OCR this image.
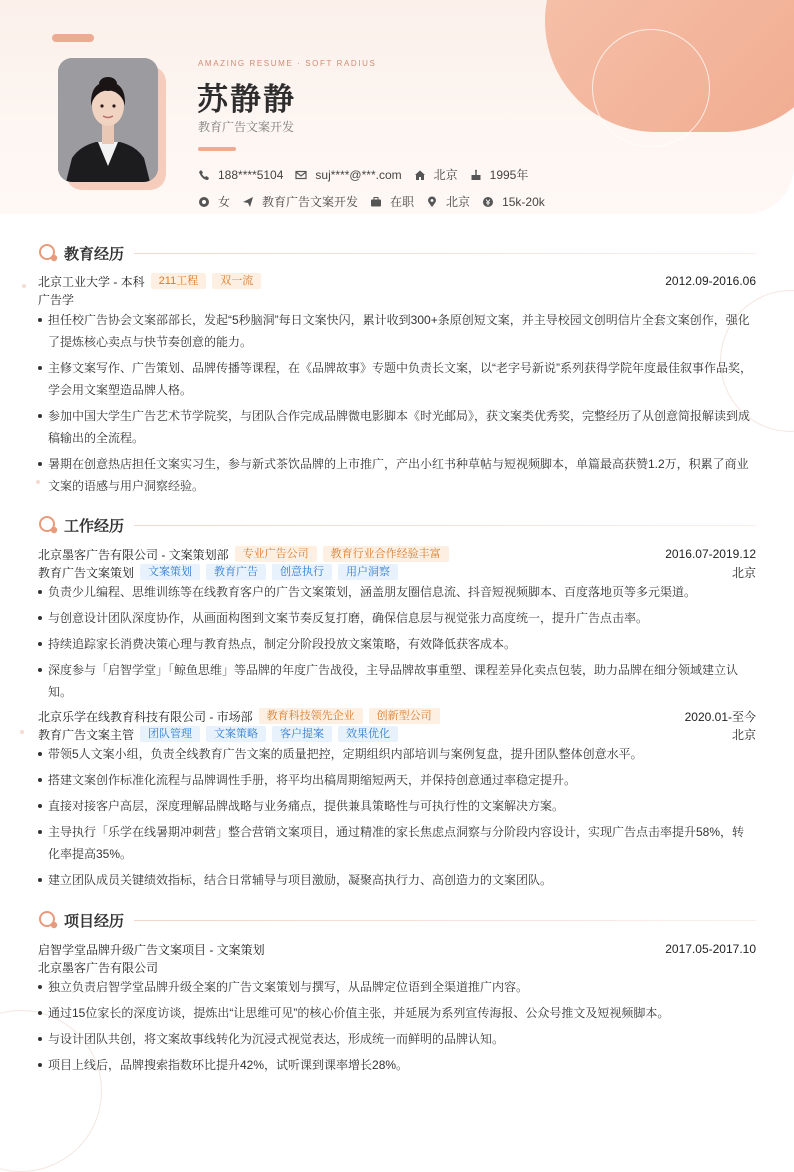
AMAZING RESUME · SOFT RADIUS
苏静静
教育广告文案开发
188****5104	suj****@***.com	北京	1995年
女	教育广告文案开发	在职	北京	15k-20k
教育经历
北京工业大学 - 本科	211工程	双一流	2012.09-2016.06
广告学
担任校广告协会文案部部长，发起“5秒脑洞”每日文案快闪，累计收到300+条原创短文案，并主导校园文创明信片全套文案创作，强化了提炼核心卖点与快节奏创意的能力。
主修文案写作、广告策划、品牌传播等课程，在《品牌故事》专题中负责长文案，以“老字号新说”系列获得学院年度最佳叙事作品奖，学会用文案塑造品牌人格。
参加中国大学生广告艺术节学院奖，与团队合作完成品牌微电影脚本《时光邮局》，获文案类优秀奖，完整经历了从创意简报解读到成稿输出的全流程。
暑期在创意热店担任文案实习生，参与新式茶饮品牌的上市推广，产出小红书种草帖与短视频脚本，单篇最高获赞1.2万，积累了商业文案的语感与用户洞察经验。
工作经历
北京墨客广告有限公司 - 文案策划部	专业广告公司	教育行业合作经验丰富	2016.07-2019.12
教育广告文案策划	文案策划	教育广告	创意执行	用户洞察	北京
负责少儿编程、思维训练等在线教育客户的广告文案策划，涵盖朋友圈信息流、抖音短视频脚本、百度落地页等多元渠道。
与创意设计团队深度协作，从画面构图到文案节奏反复打磨，确保信息层与视觉张力高度统一，提升广告点击率。
持续追踪家长消费决策心理与教育热点，制定分阶段投放文案策略，有效降低获客成本。
深度参与「启智学堂」「鲸鱼思维」等品牌的年度广告战役，主导品牌故事重塑、课程差异化卖点包装，助力品牌在细分领域建立认知。
北京乐学在线教育科技有限公司 - 市场部	教育科技领先企业	创新型公司	2020.01-至今
教育广告文案主管	团队管理	文案策略	客户提案	效果优化	北京
带领5人文案小组，负责全线教育广告文案的质量把控，定期组织内部培训与案例复盘，提升团队整体创意水平。
搭建文案创作标准化流程与品牌调性手册，将平均出稿周期缩短两天，并保持创意通过率稳定提升。
直接对接客户高层，深度理解品牌战略与业务痛点，提供兼具策略性与可执行性的文案解决方案。
主导执行「乐学在线暑期冲刺营」整合营销文案项目，通过精准的家长焦虑点洞察与分阶段内容设计，实现广告点击率提升58%，转化率提高35%。
建立团队成员关键绩效指标，结合日常辅导与项目激励，凝聚高执行力、高创造力的文案团队。
项目经历
启智学堂品牌升级广告文案项目 - 文案策划	2017.05-2017.10
北京墨客广告有限公司
独立负责启智学堂品牌升级全案的广告文案策划与撰写，从品牌定位语到全渠道推广内容。
通过15位家长的深度访谈，提炼出“让思维可见”的核心价值主张，并延展为系列宣传海报、公众号推文及短视频脚本。
与设计团队共创，将文案故事线转化为沉浸式视觉表达，形成统一而鲜明的品牌认知。
项目上线后，品牌搜索指数环比提升42%，试听课到课率增长28%。
